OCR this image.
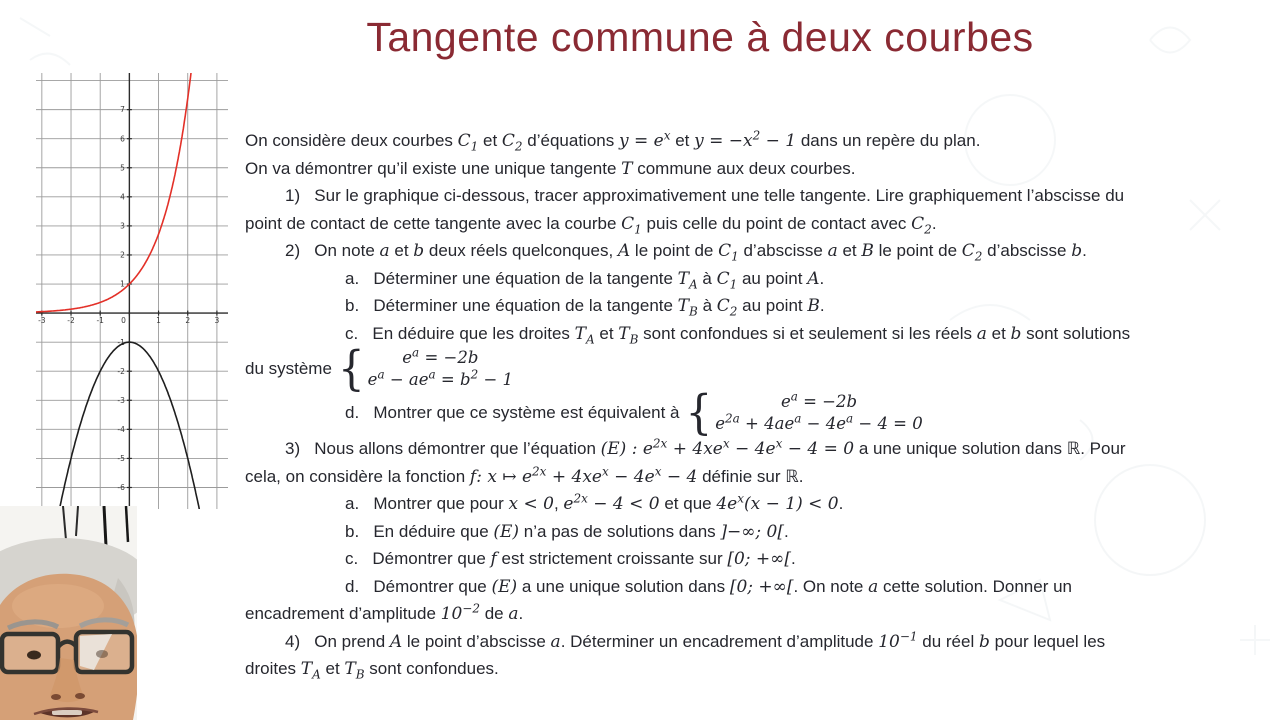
Tangente commune à deux courbes
-3	-2	-1 0	1	2	3
7
6
5
4
3
2
1
-1
-2
-3
-4
-5
-6
On considère deux courbes $C_1$ et $C_2$ d’équations $y = e^x$ et $y = -x^2 - 1$ dans un repère du plan.
On va démontrer qu’il existe une unique tangente T commune aux deux courbes.
1)   Sur le graphique ci-dessous, tracer approximativement une telle tangente. Lire graphiquement l’abscisse du
point de contact de cette tangente avec la courbe $C_1$ puis celle du point de contact avec $C_2$.
2)   On note a et b deux réels quelconques, A le point de $C_1$ d’abscisse a et B le point de $C_2$ d’abscisse b.
a.   Déterminer une équation de la tangente $T_A$ à $C_1$ au point A.
b.   Déterminer une équation de la tangente $T_B$ à $C_2$ au point B.
c.   En déduire que les droites $T_A$ et $T_B$ sont confondues si et seulement si les réels a et b sont solutions
du système { $e^a = -2b$
$e^a - ae^a = b^2 - 1$
d.   Montrer que ce système est équivalent à {	$e^a = -2b$
$e^{2a} + 4ae^a - 4e^a - 4 = 0$
3)   Nous allons démontrer que l’équation (E) : $e^{2x} + 4xe^x - 4e^x - 4 = 0$ a une unique solution dans ℝ. Pour
cela, on considère la fonction f: x ↦ $e^{2x} + 4xe^x - 4e^x - 4$ définie sur ℝ.
a.   Montrer que pour x < 0, $e^{2x} - 4 < 0$ et que $4e^x(x - 1) < 0$.
b.   En déduire que (E) n’a pas de solutions dans ]−∞; 0[.
c.   Démontrer que f est strictement croissante sur [0; +∞[.
d.   Démontrer que (E) a une unique solution dans [0; +∞[. On note a cette solution. Donner un
encadrement d’amplitude $10^{-2}$ de a.
4)   On prend A le point d’abscisse a. Déterminer un encadrement d’amplitude $10^{-1}$ du réel b pour lequel les
droites $T_A$ et $T_B$ sont confondues.
